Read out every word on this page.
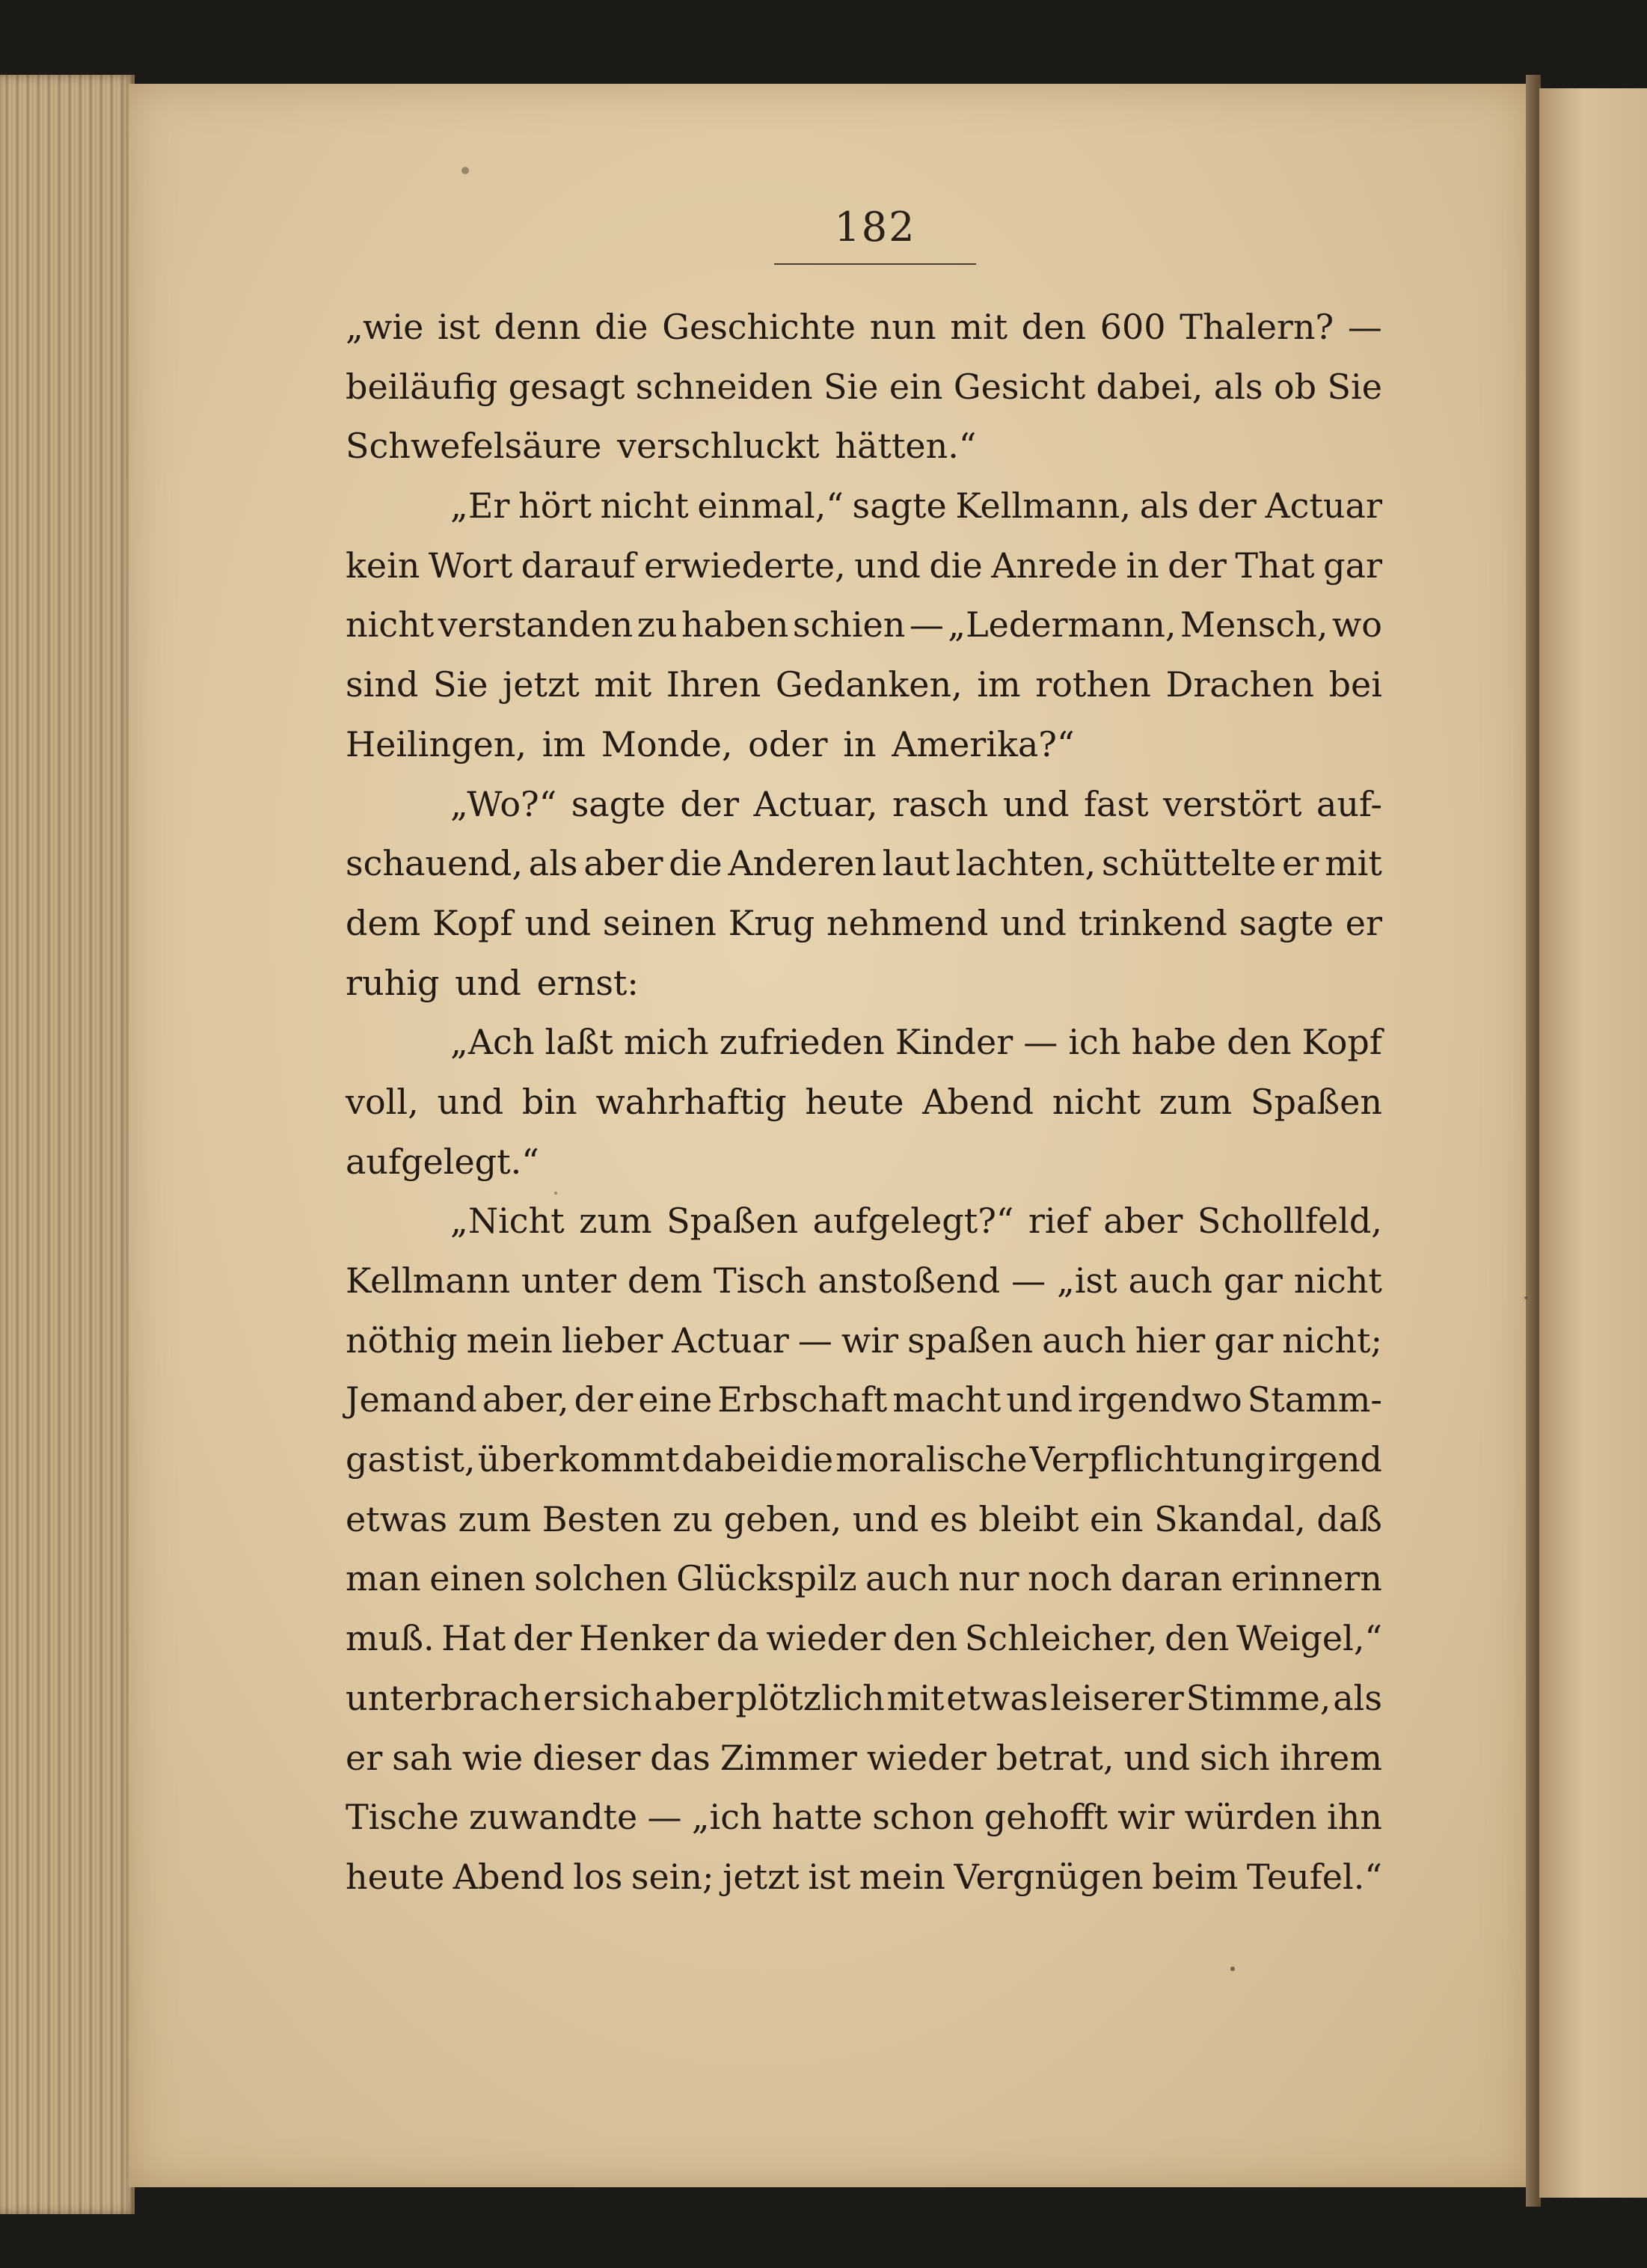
182
„wie ist denn die Geschichte nun mit den 600 Thalern? —
beiläufig gesagt schneiden Sie ein Gesicht dabei, als ob Sie
Schwefelsäure verschluckt hätten.“
„Er hört nicht einmal,“ sagte Kellmann, als der Actuar
kein Wort darauf erwiederte, und die Anrede in der That gar
nicht verstanden zu haben schien — „Ledermann, Mensch, wo
sind Sie jetzt mit Ihren Gedanken, im rothen Drachen bei
Heilingen, im Monde, oder in Amerika?“
„Wo?“ sagte der Actuar, rasch und fast verstört auf-
schauend, als aber die Anderen laut lachten, schüttelte er mit
dem Kopf und seinen Krug nehmend und trinkend sagte er
ruhig und ernst:
„Ach laßt mich zufrieden Kinder — ich habe den Kopf
voll, und bin wahrhaftig heute Abend nicht zum Spaßen
aufgelegt.“
„Nicht zum Spaßen aufgelegt?“ rief aber Schollfeld,
Kellmann unter dem Tisch anstoßend — „ist auch gar nicht
nöthig mein lieber Actuar — wir spaßen auch hier gar nicht;
Jemand aber, der eine Erbschaft macht und irgendwo Stamm-
gast ist, überkommt dabei die moralische Verpflichtung irgend
etwas zum Besten zu geben, und es bleibt ein Skandal, daß
man einen solchen Glückspilz auch nur noch daran erinnern
muß. Hat der Henker da wieder den Schleicher, den Weigel,“
unterbrach er sich aber plötzlich mit etwas leiserer Stimme, als
er sah wie dieser das Zimmer wieder betrat, und sich ihrem
Tische zuwandte — „ich hatte schon gehofft wir würden ihn
heute Abend los sein; jetzt ist mein Vergnügen beim Teufel.“
